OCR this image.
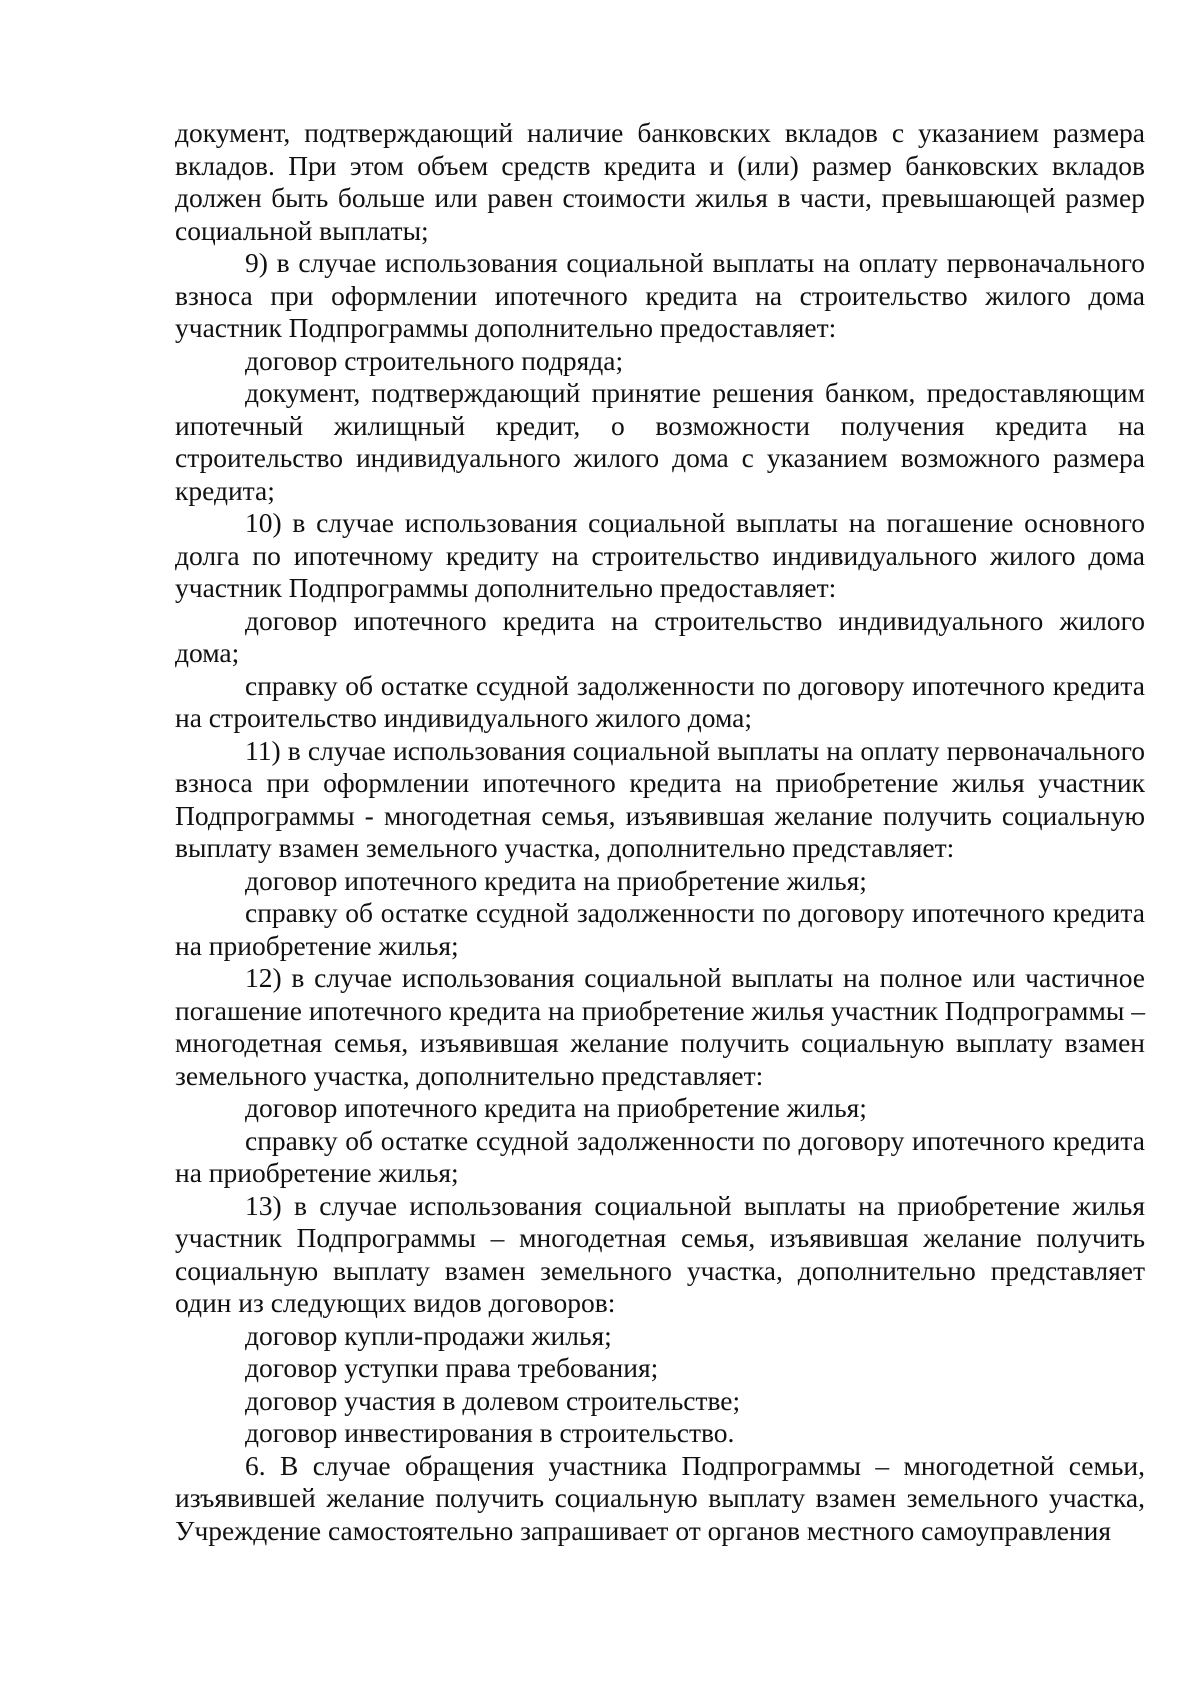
документ, подтверждающий наличие банковских вкладов с указанием размера вкладов. При этом объем средств кредита и (или) размер банковских вкладов должен быть больше или равен стоимости жилья в части, превышающей размер социальной выплаты;

9) в случае использования социальной выплаты на оплату первоначального взноса при оформлении ипотечного кредита на строительство жилого дома участник Подпрограммы дополнительно предоставляет:

договор строительного подряда;

документ, подтверждающий принятие решения банком, предоставляющим ипотечный жилищный кредит, о возможности получения кредита на строительство индивидуального жилого дома с указанием возможного размера кредита;

10) в случае использования социальной выплаты на погашение основного долга по ипотечному кредиту на строительство индивидуального жилого дома участник Подпрограммы дополнительно предоставляет:

договор ипотечного кредита на строительство индивидуального жилого дома;

справку об остатке ссудной задолженности по договору ипотечного кредита на строительство индивидуального жилого дома;

11) в случае использования социальной выплаты на оплату первоначального взноса при оформлении ипотечного кредита на приобретение жилья участник Подпрограммы - многодетная семья, изъявившая желание получить социальную выплату взамен земельного участка, дополнительно представляет:

договор ипотечного кредита на приобретение жилья;

справку об остатке ссудной задолженности по договору ипотечного кредита на приобретение жилья;

12) в случае использования социальной выплаты на полное или частичное погашение ипотечного кредита на приобретение жилья участник Подпрограммы – многодетная семья, изъявившая желание получить социальную выплату взамен земельного участка, дополнительно представляет:

договор ипотечного кредита на приобретение жилья;

справку об остатке ссудной задолженности по договору ипотечного кредита на приобретение жилья;

13) в случае использования социальной выплаты на приобретение жилья участник Подпрограммы – многодетная семья, изъявившая желание получить социальную выплату взамен земельного участка, дополнительно представляет один из следующих видов договоров:

договор купли-продажи жилья;

договор уступки права требования;

договор участия в долевом строительстве;

договор инвестирования в строительство.

6. В случае обращения участника Подпрограммы – многодетной семьи, изъявившей желание получить социальную выплату взамен земельного участка, Учреждение самостоятельно запрашивает от органов местного самоуправления
